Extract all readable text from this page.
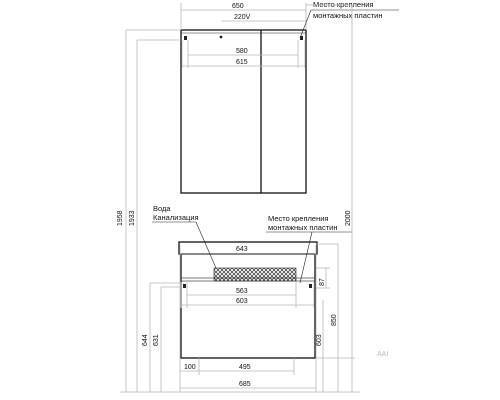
650
220V
580
615
Место крепления
монтажных пластин
643
563
603
100	495
685
Вода
Канализация	Место крепления
монтажных пластин
87
1958 1933
644 631
2000
603
850
AAI
